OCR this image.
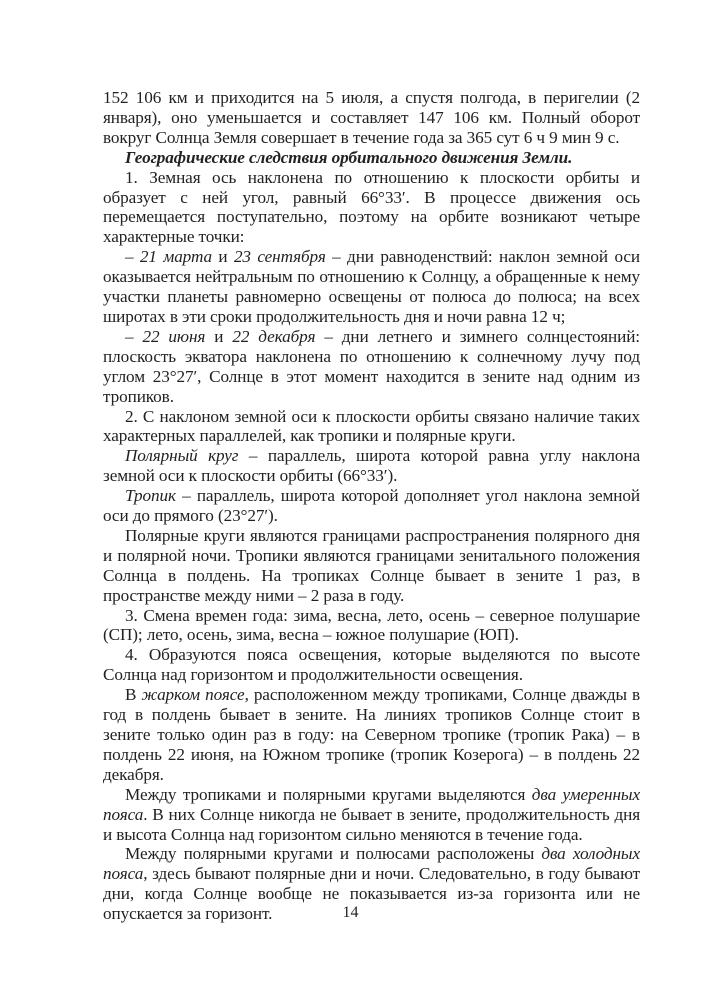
152 106 км и приходится на 5 июля, а спустя полгода, в перигелии (2 января), оно уменьшается и составляет 147 106 км. Полный оборот вокруг Солнца Земля совершает в течение года за 365 сут 6 ч 9 мин 9 с.

Географические следствия орбитального движения Земли.

1. Земная ось наклонена по отношению к плоскости орбиты и образует с ней угол, равный 66°33′. В процессе движения ось перемещается поступательно, поэтому на орбите возникают четыре характерные точки:

– 21 марта и 23 сентября – дни равноденствий: наклон земной оси оказывается нейтральным по отношению к Солнцу, а обращенные к нему участки планеты равномерно освещены от полюса до полюса; на всех широтах в эти сроки продолжительность дня и ночи равна 12 ч;

– 22 июня и 22 декабря – дни летнего и зимнего солнцестояний: плоскость экватора наклонена по отношению к солнечному лучу под углом 23°27′, Солнце в этот момент находится в зените над одним из тропиков.

2. С наклоном земной оси к плоскости орбиты связано наличие таких характерных параллелей, как тропики и полярные круги.

Полярный круг – параллель, широта которой равна углу наклона земной оси к плоскости орбиты (66°33′).

Тропик – параллель, широта которой дополняет угол наклона земной оси до прямого (23°27′).

Полярные круги являются границами распространения полярного дня и полярной ночи. Тропики являются границами зенитального положения Солнца в полдень. На тропиках Солнце бывает в зените 1 раз, в пространстве между ними – 2 раза в году.

3. Смена времен года: зима, весна, лето, осень – северное полушарие (СП); лето, осень, зима, весна – южное полушарие (ЮП).

4. Образуются пояса освещения, которые выделяются по высоте Солнца над горизонтом и продолжительности освещения.

В жарком поясе, расположенном между тропиками, Солнце дважды в год в полдень бывает в зените. На линиях тропиков Солнце стоит в зените только один раз в году: на Северном тропике (тропик Рака) – в полдень 22 июня, на Южном тропике (тропик Козерога) – в полдень 22 декабря.

Между тропиками и полярными кругами выделяются два умеренных пояса. В них Солнце никогда не бывает в зените, продолжительность дня и высота Солнца над горизонтом сильно меняются в течение года.

Между полярными кругами и полюсами расположены два холодных пояса, здесь бывают полярные дни и ночи. Следовательно, в году бывают дни, когда Солнце вообще не показывается из-за горизонта или не опускается за горизонт.	14
